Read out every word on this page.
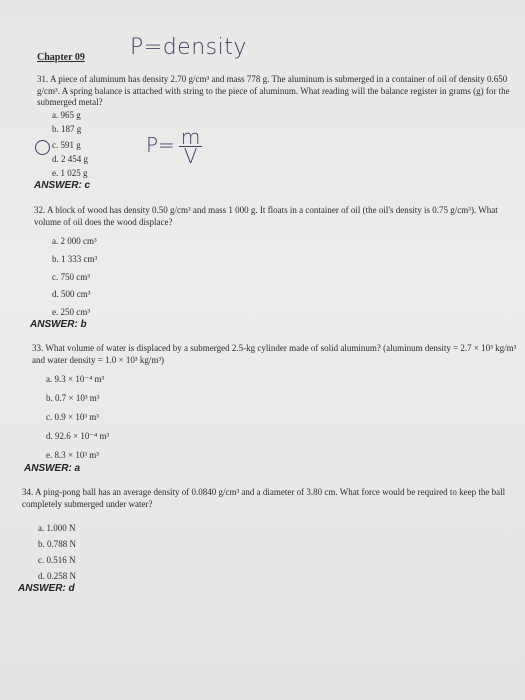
Chapter 09 P=density
$P= \frac{m}{V}$
31. A piece of aluminum has density 2.70 g/cm³ and mass 778 g. The aluminum is submerged in a container of oil of density 0.650 g/cm³. A spring balance is attached with string to the piece of aluminum. What reading will the balance register in grams (g) for the submerged metal?
a. 965 g
b. 187 g
c. 591 g
d. 2 454 g
e. 1 025 g
ANSWER: c
32. A block of wood has density 0.50 g/cm³ and mass 1 000 g. It floats in a container of oil (the oil's density is 0.75 g/cm³). What volume of oil does the wood displace?
a. 2 000 cm³
b. 1 333 cm³
c. 750 cm³
d. 500 cm³
e. 250 cm³
ANSWER: b
33. What volume of water is displaced by a submerged 2.5-kg cylinder made of solid aluminum? (aluminum density = 2.7 × 10³ kg/m³ and water density = 1.0 × 10³ kg/m³)
a. 9.3 × 10⁻⁴ m³
b. 0.7 × 10³ m³
c. 0.9 × 10³ m³
d. 92.6 × 10⁻⁴ m³
e. 8.3 × 10³ m³
ANSWER: a
34. A ping-pong ball has an average density of 0.0840 g/cm³ and a diameter of 3.80 cm. What force would be required to keep the ball completely submerged under water?
a. 1.000 N
b. 0.788 N
c. 0.516 N
d. 0.258 N
ANSWER: d
